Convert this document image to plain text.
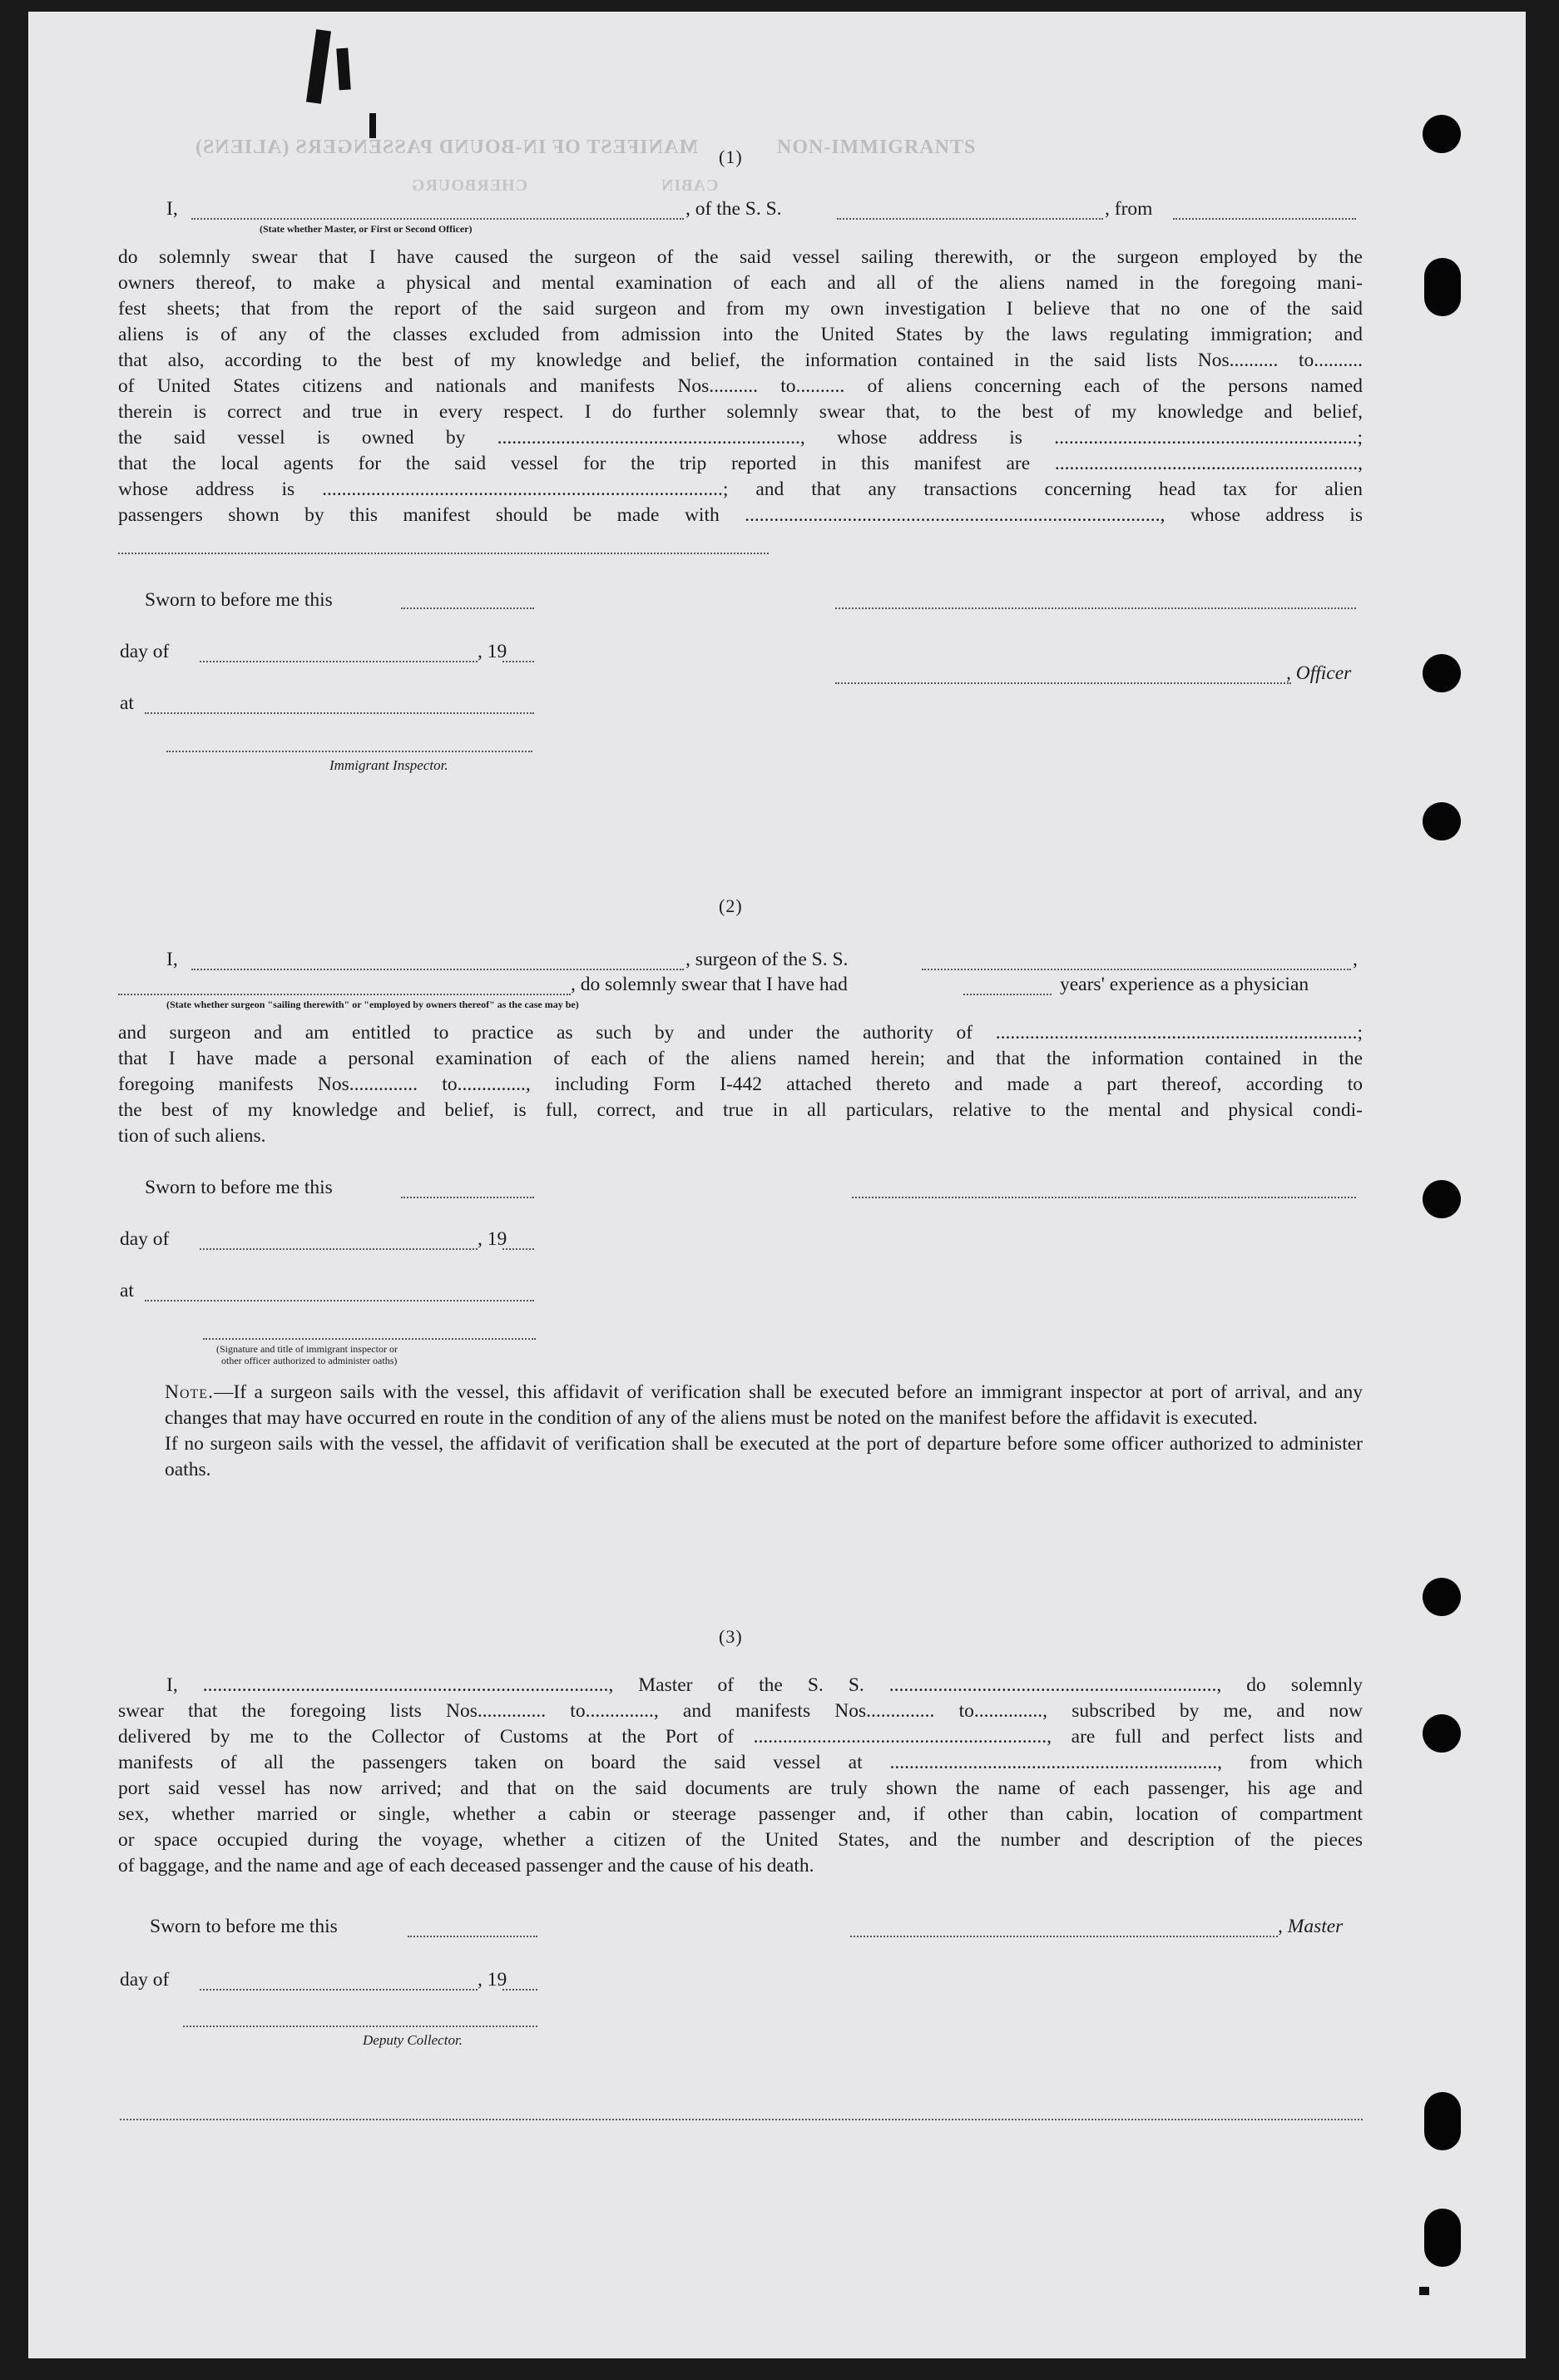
MANIFEST OF IN-BOUND PASSENGERS (ALIENS)	NON-IMMIGRANTS
CHERBOURG	CABIN
(1)
I,	, of the S. S.	, from
(State whether Master, or First or Second Officer)
do solemnly swear that I have caused the surgeon of the said vessel sailing therewith, or the surgeon employed by the
owners thereof, to make a physical and mental examination of each and all of the aliens named in the foregoing mani-
fest sheets; that from the report of the said surgeon and from my own investigation I believe that no one of the said
aliens is of any of the classes excluded from admission into the United States by the laws regulating immigration; and
that also, according to the best of my knowledge and belief, the information contained in the said lists Nos.......... to..........
of United States citizens and nationals and manifests Nos.......... to.......... of aliens concerning each of the persons named
therein is correct and true in every respect. I do further solemnly swear that, to the best of my knowledge and belief,
the said vessel is owned by .............................................................., whose address is ..............................................................;
that the local agents for the said vessel for the trip reported in this manifest are ..............................................................,
whose address is ..................................................................................; and that any transactions concerning head tax for alien
passengers shown by this manifest should be made with ....................................................................................., whose address is
Sworn to before me this
day of	, 19
, Officer
at
Immigrant Inspector.
(2)
I,	, surgeon of the S. S.	,
, do solemnly swear that I have had	years' experience as a physician
(State whether surgeon "sailing therewith" or "employed by owners thereof" as the case may be)
and surgeon and am entitled to practice as such by and under the authority of ..........................................................................;
that I have made a personal examination of each of the aliens named herein; and that the information contained in the
foregoing manifests Nos.............. to.............., including Form I-442 attached thereto and made a part thereof, according to
the best of my knowledge and belief, is full, correct, and true in all particulars, relative to the mental and physical condi-
tion of such aliens.
Sworn to before me this
day of	, 19
at
(Signature and title of immigrant inspector or
other officer authorized to administer oaths)

Note.—If a surgeon sails with the vessel, this affidavit of verification shall be executed before an immigrant inspector at port of arrival, and any changes that may have occurred en route in the condition of any of the aliens must be noted on the manifest before the affidavit is executed.

If no surgeon sails with the vessel, the affidavit of verification shall be executed at the port of departure before some officer authorized to administer oaths.

(3)
I, ..................................................................................., Master of the S. S. ..................................................................., do solemnly
swear that the foregoing lists Nos.............. to.............., and manifests Nos.............. to.............., subscribed by me, and now
delivered by me to the Collector of Customs at the Port of ............................................................, are full and perfect lists and
manifests of all the passengers taken on board the said vessel at ..................................................................., from which
port said vessel has now arrived; and that on the said documents are truly shown the name of each passenger, his age and
sex, whether married or single, whether a cabin or steerage passenger and, if other than cabin, location of compartment
or space occupied during the voyage, whether a citizen of the United States, and the number and description of the pieces
of baggage, and the name and age of each deceased passenger and the cause of his death.
Sworn to before me this	, Master
day of	, 19
Deputy Collector.
